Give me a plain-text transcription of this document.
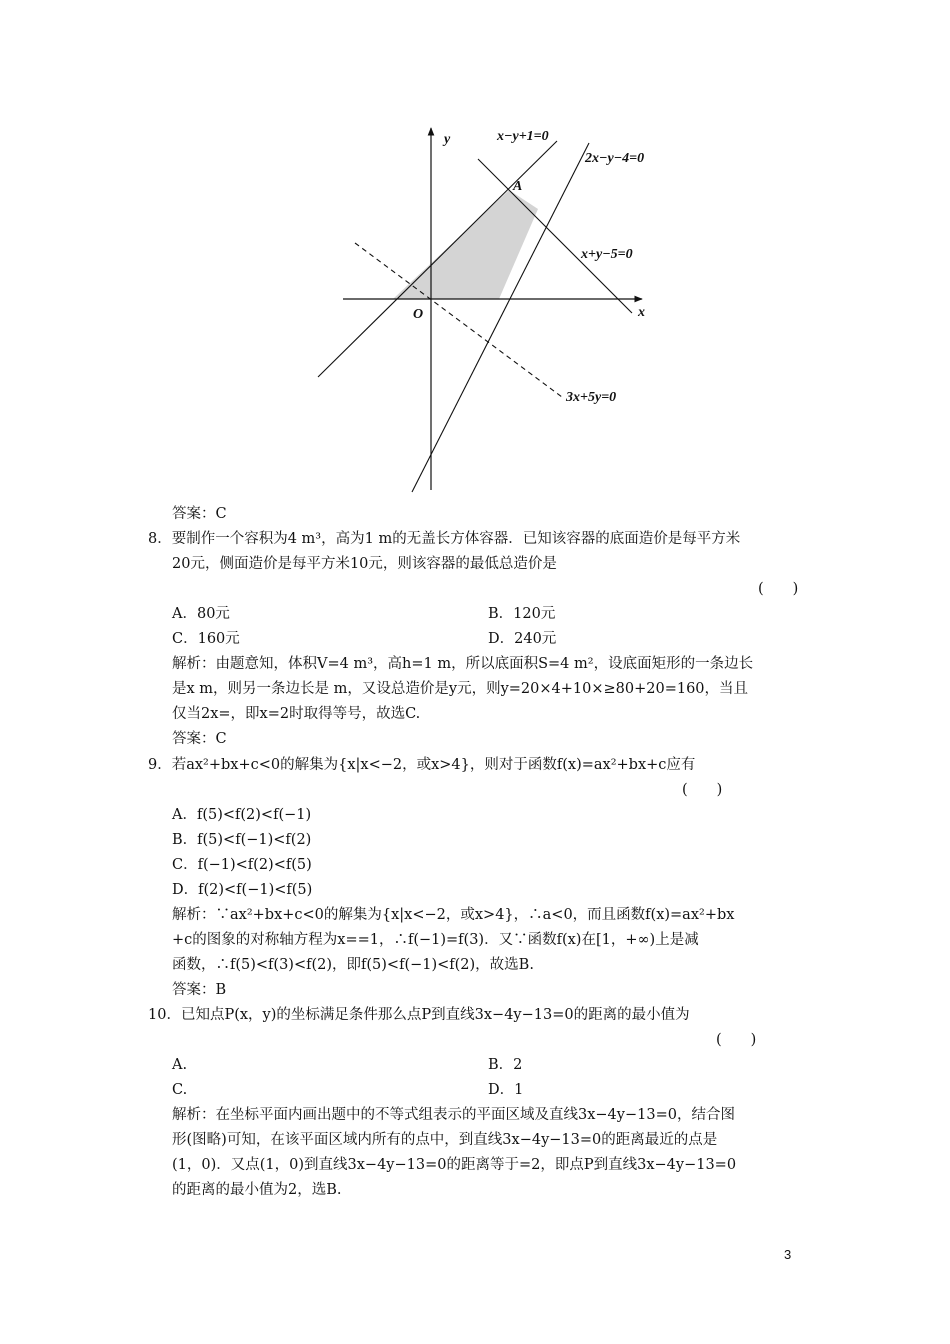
y
x
O
A
x−y+1=0
2x−y−4=0
x+y−5=0
3x+5y=0
答案：C
8．要制作一个容积为4 m³，高为1 m的无盖长方体容器．已知该容器的底面造价是每平方米
20元，侧面造价是每平方米10元，则该容器的最低总造价是
(　　)
A．80元	B．120元
C．160元	D．240元
解析：由题意知，体积V=4 m³，高h=1 m，所以底面积S=4 m²，设底面矩形的一条边长
是x m，则另一条边长是 m，又设总造价是y元，则y=20×4+10×≥80+20=160，当且
仅当2x=，即x=2时取得等号，故选C.
答案：C
9．若ax²+bx+c<0的解集为{x|x<−2，或x>4}，则对于函数f(x)=ax²+bx+c应有
(　　)
A．f(5)<f(2)<f(−1)
B．f(5)<f(−1)<f(2)
C．f(−1)<f(2)<f(5)
D．f(2)<f(−1)<f(5)
解析：∵ax²+bx+c<0的解集为{x|x<−2，或x>4}，∴a<0，而且函数f(x)=ax²+bx
+c的图象的对称轴方程为x==1，∴f(−1)=f(3)．又∵函数f(x)在[1，+∞)上是减
函数，∴f(5)<f(3)<f(2)，即f(5)<f(−1)<f(2)，故选B.
答案：B
10．已知点P(x，y)的坐标满足条件那么点P到直线3x−4y−13=0的距离的最小值为
(　　)
A.	B．2
C.	D．1
解析：在坐标平面内画出题中的不等式组表示的平面区域及直线3x−4y−13=0，结合图
形(图略)可知，在该平面区域内所有的点中，到直线3x−4y−13=0的距离最近的点是
(1，0)．又点(1，0)到直线3x−4y−13=0的距离等于=2，即点P到直线3x−4y−13=0
的距离的最小值为2，选B.
3
